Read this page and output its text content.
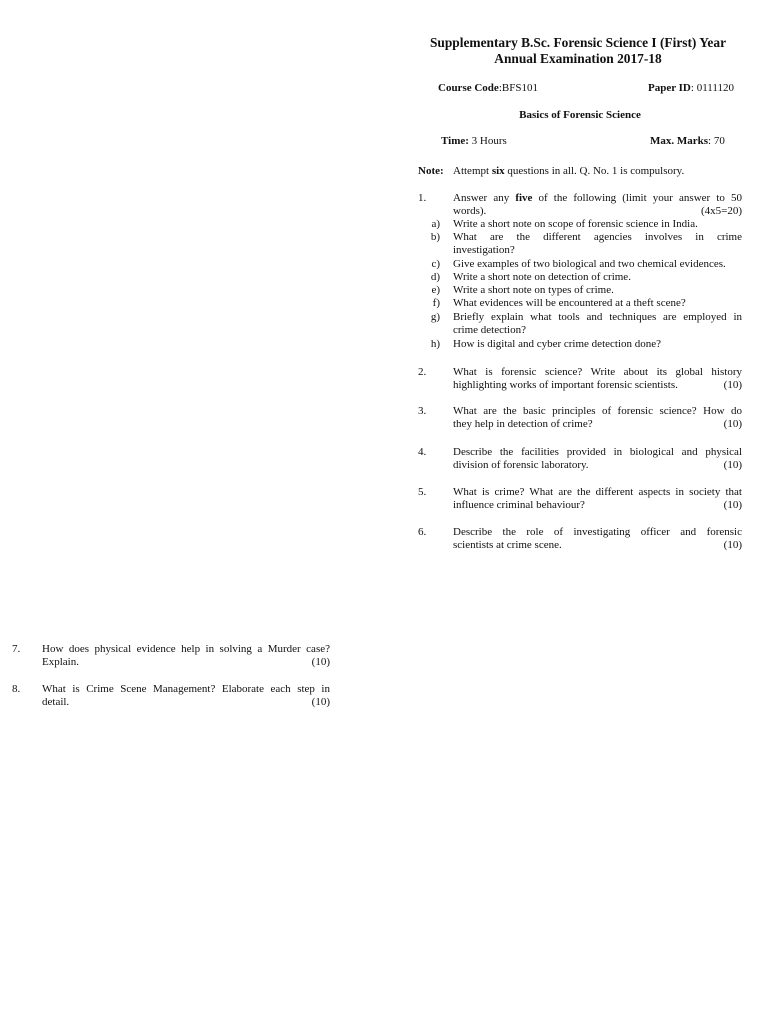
Supplementary B.Sc. Forensic Science I (First) Year
Annual Examination 2017-18
Course Code:BFS101	Paper ID: 0111120
Basics of Forensic Science
Time: 3 Hours	Max. Marks: 70
Note: Attempt six questions in all. Q. No. 1 is compulsory.
1. Answer any five of the following (limit your answer to 50
words).	(4x5=20)
a) Write a short note on scope of forensic science in India.
b) What are the different agencies involves in crime
investigation?
c) Give examples of two biological and two chemical evidences.
d) Write a short note on detection of crime.
e) Write a short note on types of crime.
f) What evidences will be encountered at a theft scene?
g) Briefly explain what tools and techniques are employed in
crime detection?
h) How is digital and cyber crime detection done?
2. What is forensic science? Write about its global history
highlighting works of important forensic scientists.	(10)
3. What are the basic principles of forensic science? How do
they help in detection of crime?	(10)
4. Describe the facilities provided in biological and physical
division of forensic laboratory.	(10)
5. What is crime? What are the different aspects in society that
influence criminal behaviour?	(10)
6. Describe the role of investigating officer and forensic
scientists at crime scene.	(10)
7. How does physical evidence help in solving a Murder case?
Explain.	(10)
8. What is Crime Scene Management? Elaborate each step in
detail.	(10)
